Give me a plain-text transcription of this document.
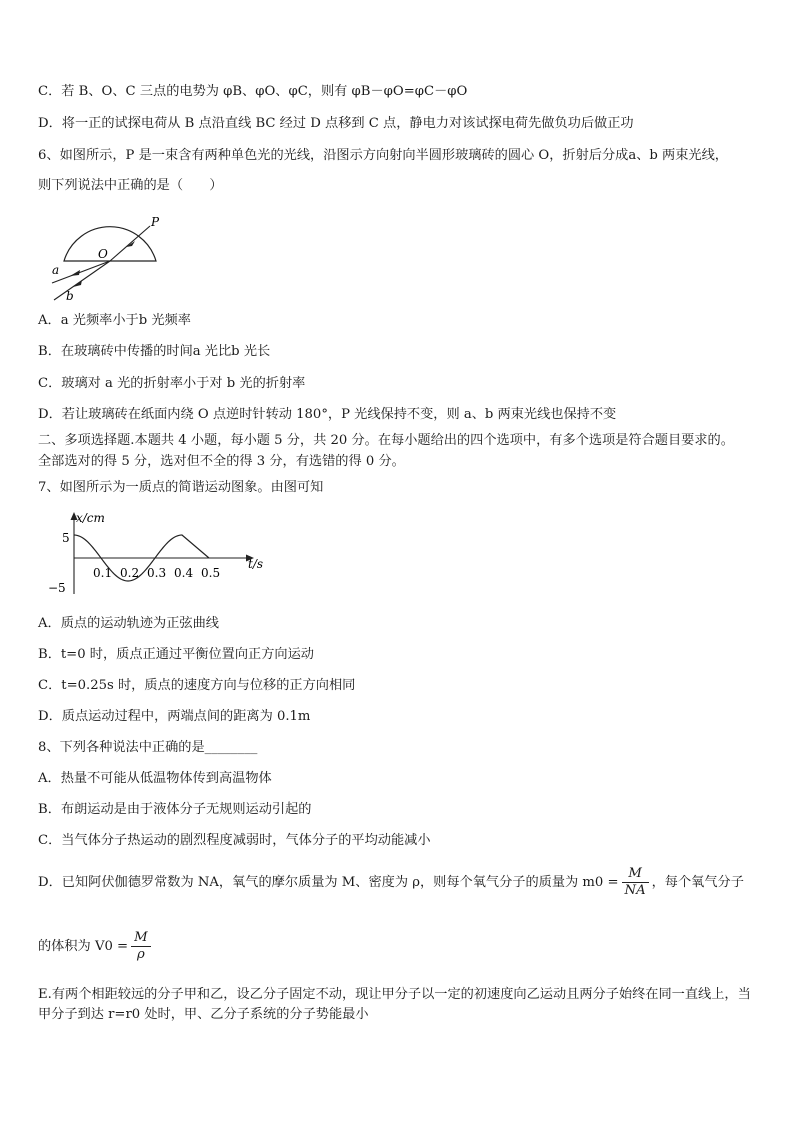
C．若 B、O、C 三点的电势为 φB、φO、φC，则有 φB－φO=φC－φO
D．将一正的试探电荷从 B 点沿直线 BC 经过 D 点移到 C 点，静电力对该试探电荷先做负功后做正功
6、如图所示，P 是一束含有两种单色光的光线，沿图示方向射向半圆形玻璃砖的圆心 O，折射后分成a、b 两束光线，
则下列说法中正确的是（　　）
P
O
a
b
A．a 光频率小于b 光频率
B．在玻璃砖中传播的时间a 光比b 光长
C．玻璃对 a 光的折射率小于对 b 光的折射率
D．若让玻璃砖在纸面内绕 O 点逆时针转动 180°，P 光线保持不变，则 a、b 两束光线也保持不变
二、多项选择题.本题共 4 小题，每小题 5 分，共 20 分。在每小题给出的四个选项中，有多个选项是符合题目要求的。
全部选对的得 5 分，选对但不全的得 3 分，有选错的得 0 分。
7、如图所示为一质点的简谐运动图象。由图可知
x/cm
t/s
5
−5
0.1 0.2 0.3 0.4 0.5
A．质点的运动轨迹为正弦曲线
B．t=0 时，质点正通过平衡位置向正方向运动
C．t=0.25s 时，质点的速度方向与位移的正方向相同
D．质点运动过程中，两端点间的距离为 0.1m
8、下列各种说法中正确的是________
A．热量不可能从低温物体传到高温物体
B．布朗运动是由于液体分子无规则运动引起的
C．当气体分子热运动的剧烈程度减弱时，气体分子的平均动能减小
D．已知阿伏伽德罗常数为 NA，氧气的摩尔质量为 M、密度为 ρ，则每个氧气分子的质量为 $m0 = \frac{M}{NA}$ ，每个氧气分子
的体积为 $V0 = \frac{M}{\rho}$
E.有两个相距较远的分子甲和乙，设乙分子固定不动，现让甲分子以一定的初速度向乙运动且两分子始终在同一直线上，当甲分子到达 r=r0 处时，甲、乙分子系统的分子势能最小
